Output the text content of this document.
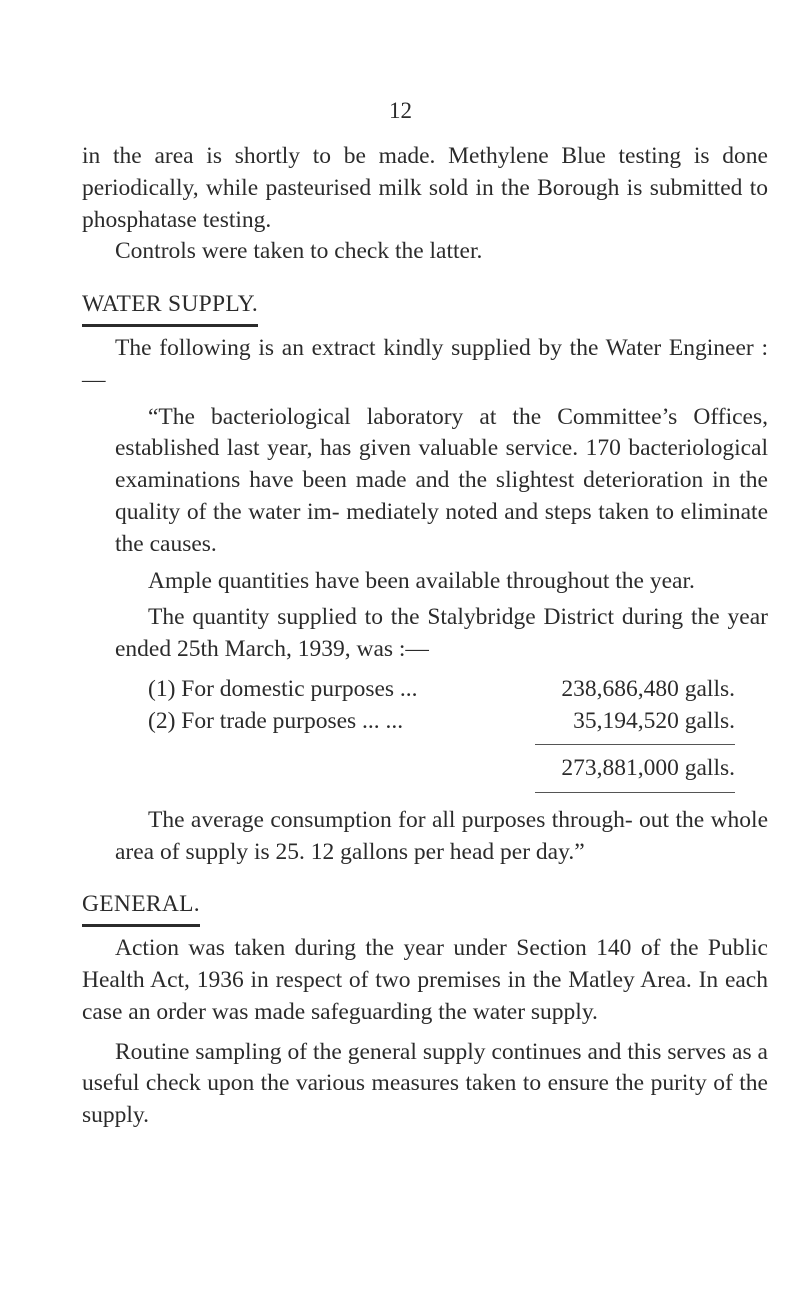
12

in the area is shortly to be made. Methylene Blue testing is done periodically, while pasteurised milk sold in the Borough is submitted to phosphatase testing.

Controls were taken to check the latter.

WATER SUPPLY.

The following is an extract kindly supplied by the Water Engineer :—

“The bacteriological laboratory at the Committee’s Offices, established last year, has given valuable service. 170 bacteriological examinations have been made and the slightest deterioration in the quality of the water im- mediately noted and steps taken to eliminate the causes.

Ample quantities have been available throughout the year.

The quantity supplied to the Stalybridge District during the year ended 25th March, 1939, was :—

(1) For domestic purposes ...	238,686,480 galls.
(2) For trade purposes ... ...	35,194,520 galls.
273,881,000 galls.

The average consumption for all purposes through- out the whole area of supply is 25. 12 gallons per head per day.”

GENERAL.

Action was taken during the year under Section 140 of the Public Health Act, 1936 in respect of two premises in the Matley Area. In each case an order was made safeguarding the water supply.

Routine sampling of the general supply continues and this serves as a useful check upon the various measures taken to ensure the purity of the supply.
